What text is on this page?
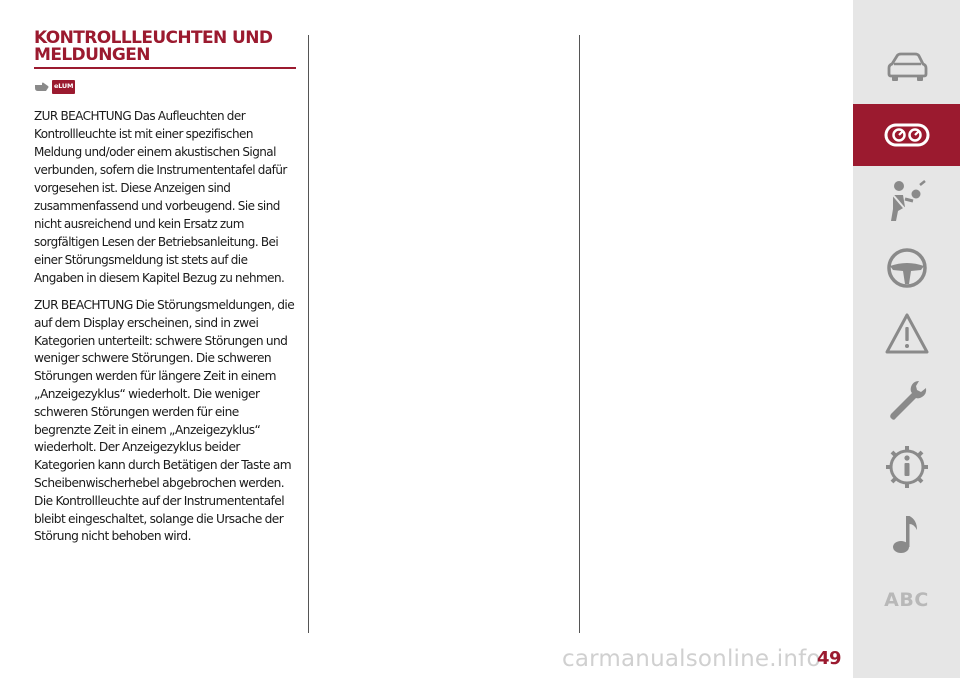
KONTROLLLEUCHTEN UND
MELDUNGEN
eLUM

ZUR BEACHTUNG Das Aufleuchten der Kontrollleuchte ist mit einer spezifischen Meldung und/oder einem akustischen Signal verbunden, sofern die Instrumententafel dafür vorgesehen ist. Diese Anzeigen sind zusammenfassend und vorbeugend. Sie sind nicht ausreichend und kein Ersatz zum sorgfältigen Lesen der Betriebsanleitung. Bei einer Störungsmeldung ist stets auf die Angaben in diesem Kapitel Bezug zu nehmen.

ZUR BEACHTUNG Die Störungsmeldungen, die auf dem Display erscheinen, sind in zwei Kategorien unterteilt: schwere Störungen und weniger schwere Störungen. Die schweren Störungen werden für längere Zeit in einem „Anzeigezyklus“ wiederholt. Die weniger schweren Störungen werden für eine begrenzte Zeit in einem „Anzeigezyklus“ wiederholt. Der Anzeigezyklus beider Kategorien kann durch Betätigen der Taste am Scheibenwischerhebel abgebrochen werden. Die Kontrollleuchte auf der Instrumententafel bleibt eingeschaltet, solange die Ursache der Störung nicht behoben wird.

ABC
carmanualsonline.info
49
